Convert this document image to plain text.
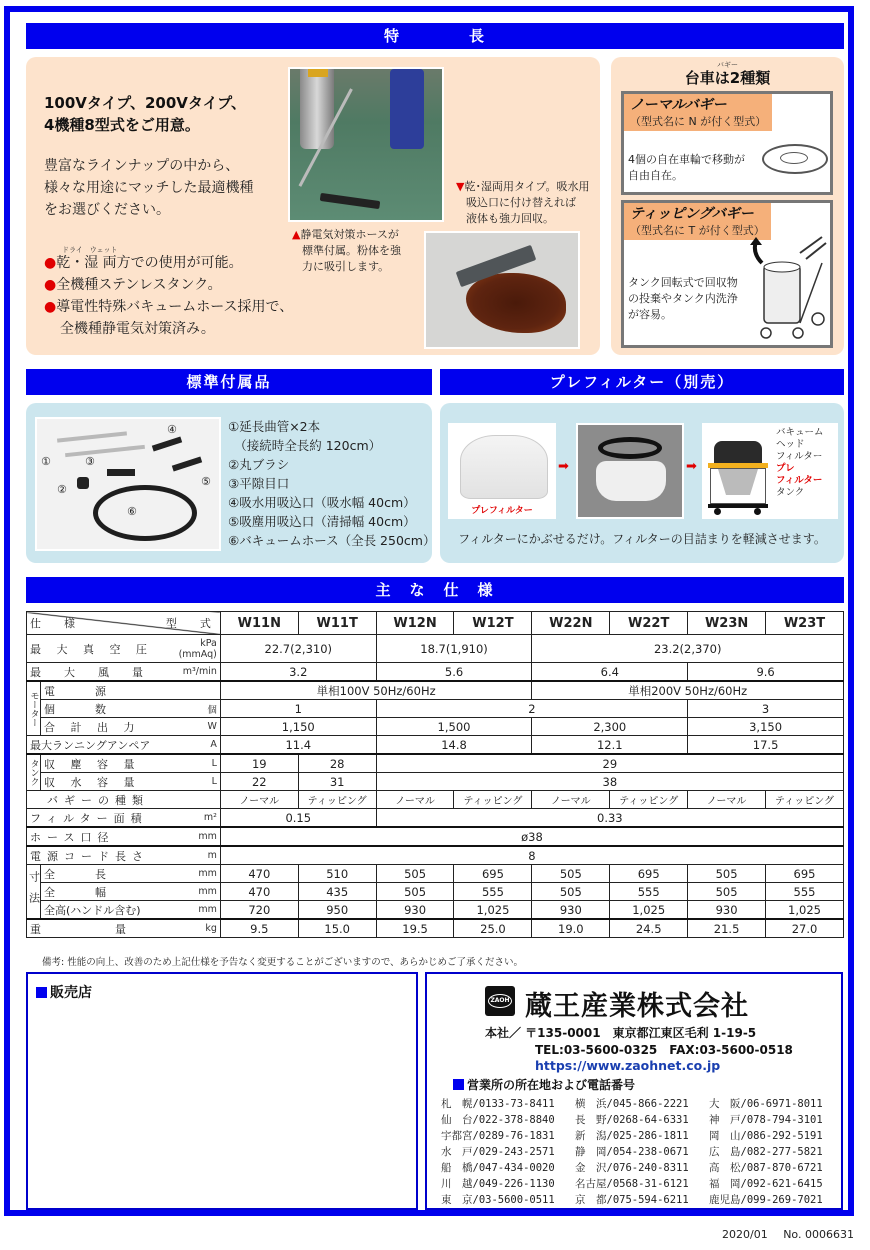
特　　　　長
100Vタイプ、200Vタイプ、
4機種8型式をご用意。
豊富なラインナップの中から、
様々な用途にマッチした最適機種
をお選びください。
ドライ　ウェット
●乾・湿 両方での使用が可能。
●全機種ステンレスタンク。
●導電性特殊バキュームホース採用で、
全機種静電気対策済み。
▲静電気対策ホースが
標準付属。粉体を強
力に吸引します。
▼乾･湿両用タイプ。吸水用
吸込口に付け替えれば
液体も強力回収。
バギー
台車は2種類
ノーマルバギー
（型式名に N が付く型式）
4個の自在車輪で移動が
自由自在。
ティッピングバギー
（型式名に T が付く型式）
タンク回転式で回収物
の投棄やタンク内洗浄
が容易。
標準付属品
①
②
③
④
⑤
⑥
①延長曲管×2本
　（接続時全長約 120cm）
②丸ブラシ
③平隙目口
④吸水用吸込口（吸水幅 40cm）
⑤吸塵用吸込口（清掃幅 40cm）
⑥バキュームホース（全長 250cm）
プレフィルター（別売）
プレフィルター
➡	➡
バキューム
ヘッド
フィルター
プレ
フィルター
タンク
フィルターにかぶせるだけ。フィルターの目詰まりを軽減させます。
主　な　仕　様
仕　様 型　式			W11N	W11T	W12N	W12T	W22N	W22T	W23N	W23T
最 大 真 空 圧		kPa
(mmAq)	22.7(2,310)		18.7(1,910)		23.2(2,370)			
最　大　風　量		m³/min	3.2		5.6		6.4		9.6	
モーター	電　　源		単相100V 50Hz/60Hz				単相200V 50Hz/60Hz			
	個　　数	個	1		2				3	
	合 計 出 力	W	1,150		1,500		2,300		3,150	
最大ランニングアンペア		A	11.4		14.8		12.1		17.5	
タンク	収 塵 容 量	L	19	28	29					
	収 水 容 量	L	22	31	38					
バギーの種類			ノーマル	ティッピング	ノーマル	ティッピング	ノーマル	ティッピング	ノーマル	ティッピング
フィルター面積		m²	0.15		0.33					
ホース口径		mm	ø38							
電源コード長さ		m	8							
寸法	全　　長	mm	470	510	505	695	505	695	505	695
	全　　幅	mm	470	435	505	555	505	555	505	555
	全高(ハンドル含む)	mm	720	950	930	1,025	930	1,025	930	1,025
重　　　　量		kg	9.5	15.0	19.5	25.0	19.0	24.5	21.5	27.0
備考: 性能の向上、改善のため上記仕様を予告なく変更することがございますので、あらかじめご了承ください。
販売店	ZAOH 蔵王産業株式会社
本社／ 〒135-0001　東京都江東区毛利 1-19-5
TEL:03-5600-0325　FAX:03-5600-0518
https://www.zaohnet.co.jp
営業所の所在地および電話番号
札　幌/0133-73-8411
仙　台/022-378-8840
宇都宮/0289-76-1831
水　戸/029-243-2571
船　橋/047-434-0020
川　越/049-226-1130
東　京/03-5600-0511
横　浜/045-866-2221
長　野/0268-64-6331
新　潟/025-286-1811
静　岡/054-238-0671
金　沢/076-240-8311
名古屋/0568-31-6121
京　都/075-594-6211
大　阪/06-6971-8011
神　戸/078-794-3101
岡　山/086-292-5191
広　島/082-277-5821
高　松/087-870-6721
福　岡/092-621-6415
鹿児島/099-269-7021
2020/01 No. 0006631
